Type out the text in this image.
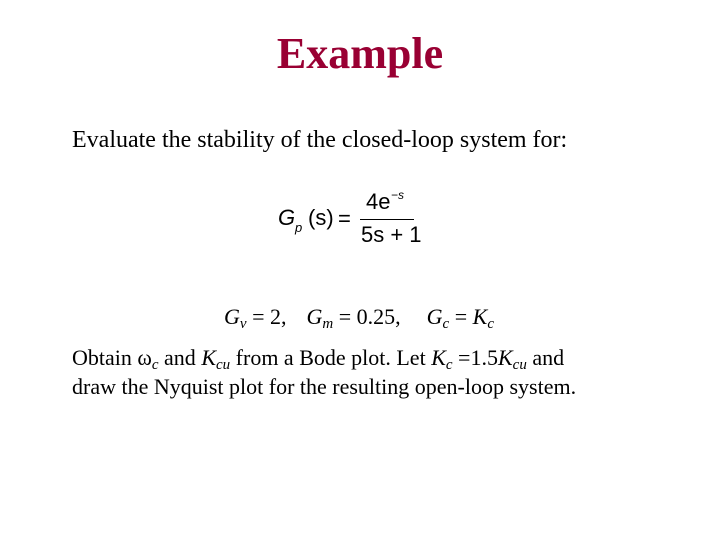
Example
Evaluate the stability of the closed-loop system for:
G p (s) =
4e −s
5s + 1
$G_v = 2$, $G_m = 0.25$, $G_c = K_c$
Obtain $\omega_c$ and $K_{cu}$ from a Bode plot. Let $K_c =1.5K_{cu}$ and
draw the Nyquist plot for the resulting open-loop system.
